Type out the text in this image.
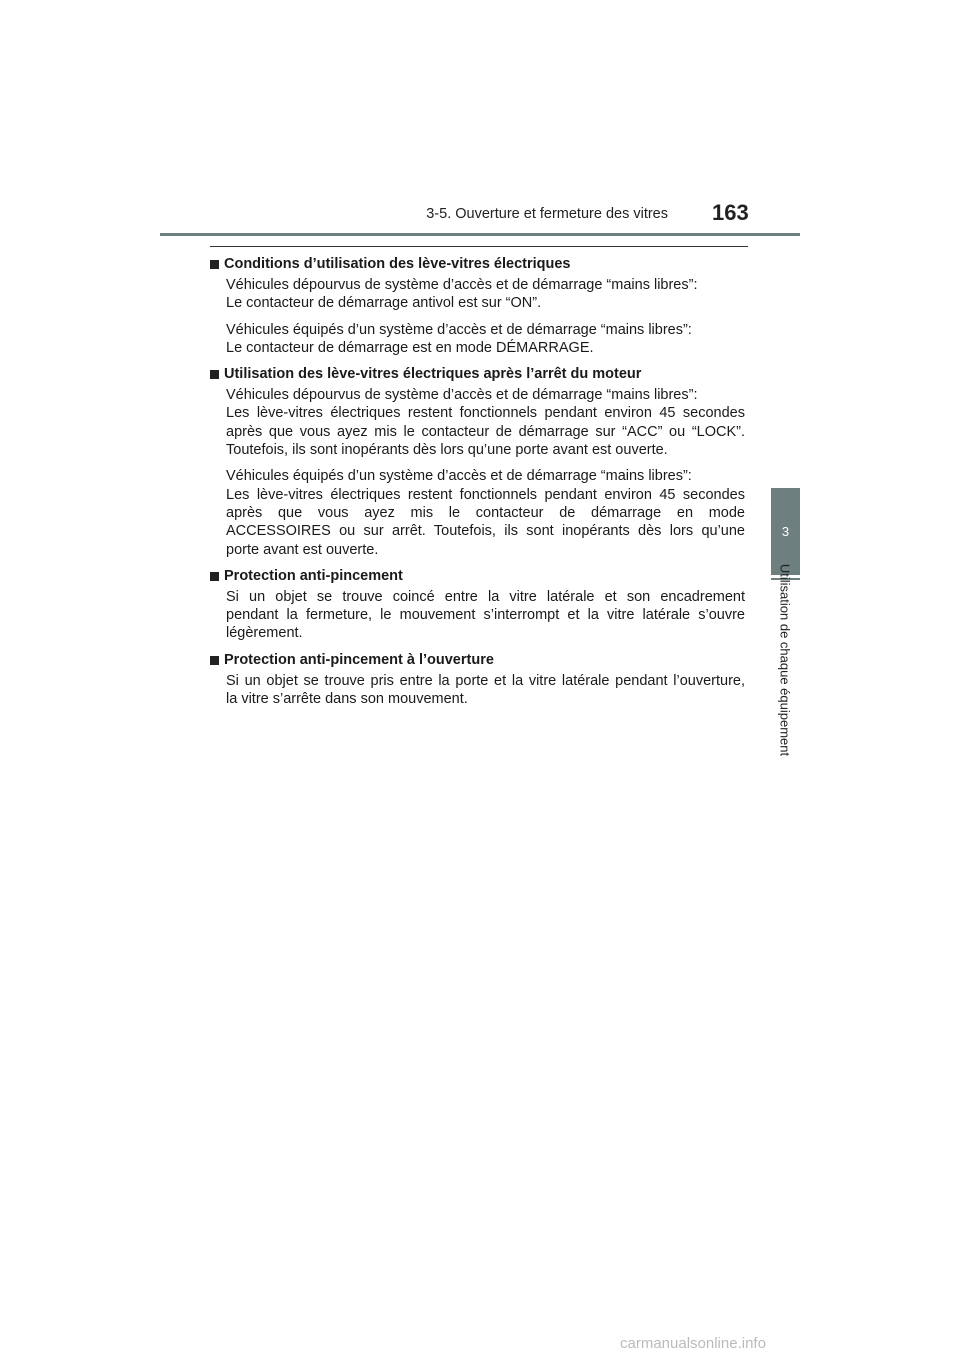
3-5. Ouverture et fermeture des vitres 163
3
Utilisation de chaque équipement
Conditions d’utilisation des lève-vitres électriques
Véhicules dépourvus de système d’accès et de démarrage “mains libres”:
Le contacteur de démarrage antivol est sur “ON”.
Véhicules équipés d’un système d’accès et de démarrage “mains libres”:
Le contacteur de démarrage est en mode DÉMARRAGE.
Utilisation des lève-vitres électriques après l’arrêt du moteur
Véhicules dépourvus de système d’accès et de démarrage “mains libres”:
Les lève-vitres électriques restent fonctionnels pendant environ 45 secondes
après que vous ayez mis le contacteur de démarrage sur “ACC” ou “LOCK”.
Toutefois, ils sont inopérants dès lors qu’une porte avant est ouverte.
Véhicules équipés d’un système d’accès et de démarrage “mains libres”:
Les lève-vitres électriques restent fonctionnels pendant environ 45 secondes
après que vous ayez mis le contacteur de démarrage en mode
ACCESSOIRES ou sur arrêt. Toutefois, ils sont inopérants dès lors qu’une
porte avant est ouverte.
Protection anti-pincement
Si un objet se trouve coincé entre la vitre latérale et son encadrement
pendant la fermeture, le mouvement s’interrompt et la vitre latérale s’ouvre
légèrement.
Protection anti-pincement à l’ouverture
Si un objet se trouve pris entre la porte et la vitre latérale pendant l’ouverture,
la vitre s’arrête dans son mouvement.
carmanualsonline.info
